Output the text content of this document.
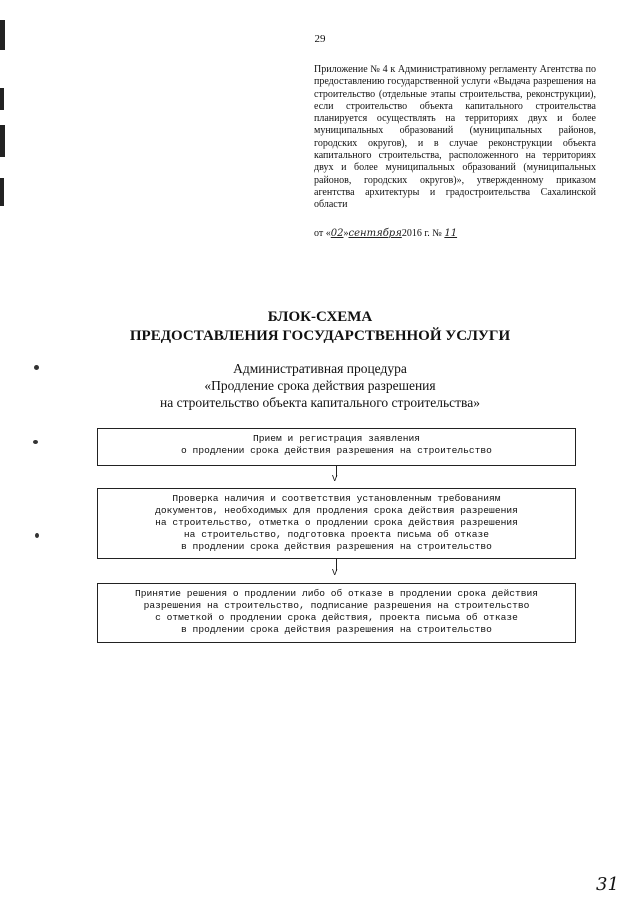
29
Приложение № 4 к Административному регламенту Агентства по предоставлению государственной услуги «Выдача разрешения на строительство (отдельные этапы строительства, реконструкции), если строительство объекта капитального строительства планируется осуществлять на территориях двух и более муниципальных образований (муниципальных районов, городских округов), и в случае реконструкции объекта капитального строительства, расположенного на территориях двух и более муниципальных образований (муниципальных районов, городских округов)», утвержденному приказом агентства архитектуры и градостроительства Сахалинской области
от «02»сентября2016 г. № 11
БЛОК-СХЕМА
ПРЕДОСТАВЛЕНИЯ ГОСУДАРСТВЕННОЙ УСЛУГИ
Административная процедура
«Продление срока действия разрешения
на строительство объекта капитального строительства»
Прием и регистрация заявления
о продлении срока действия разрешения на строительство
V
Проверка наличия и соответствия установленным требованиям
документов, необходимых для продления срока действия разрешения
на строительство, отметка о продлении срока действия разрешения
на строительство, подготовка проекта письма об отказе
в продлении срока действия разрешения на строительство
V
Принятие решения о продлении либо об отказе в продлении срока действия
разрешения на строительство, подписание разрешения на строительство
с отметкой о продлении срока действия, проекта письма об отказе
в продлении срока действия разрешения на строительство
31
